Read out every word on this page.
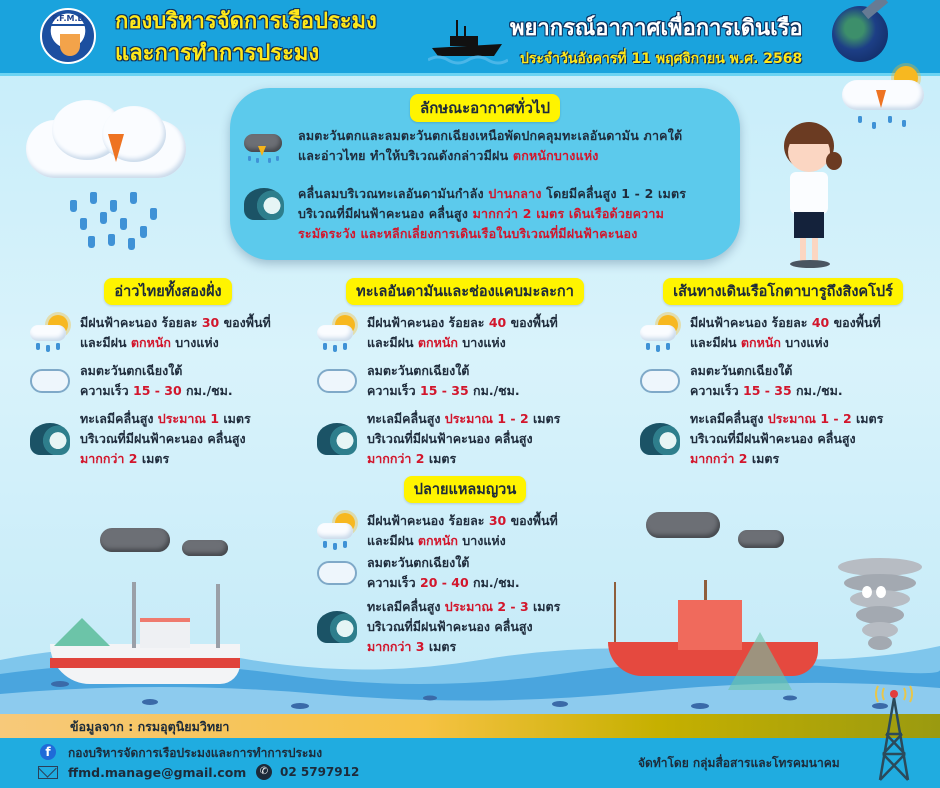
F.F.M.D	กองบริหารจัดการเรือประมง
และการทำการประมง
พยากรณ์อากาศเพื่อการเดินเรือ
ประจำวันอังคารที่ 11 พฤศจิกายน พ.ศ. 2568
ลักษณะอากาศทั่วไป
ลมตะวันตกและลมตะวันตกเฉียงเหนือพัดปกคลุมทะเลอันดามัน ภาคใต้
และอ่าวไทย ทำให้บริเวณดังกล่าวมีฝน ตกหนักบางแห่ง
คลื่นลมบริเวณทะเลอันดามันกำลัง ปานกลาง โดยมีคลื่นสูง 1 - 2 เมตร
บริเวณที่มีฝนฟ้าคะนอง คลื่นสูง มากกว่า 2 เมตร เดินเรือด้วยความ
ระมัดระวัง และหลีกเลี่ยงการเดินเรือในบริเวณที่มีฝนฟ้าคะนอง
อ่าวไทยทั้งสองฝั่ง
มีฝนฟ้าคะนอง ร้อยละ 30 ของพื้นที่
และมีฝน ตกหนัก บางแห่ง
ลมตะวันตกเฉียงใต้
ความเร็ว 15 - 30 กม./ชม.
ทะเลมีคลื่นสูง ประมาณ 1 เมตร
บริเวณที่มีฝนฟ้าคะนอง คลื่นสูง
มากกว่า 2 เมตร
ทะเลอันดามันและช่องแคบมะละกา
มีฝนฟ้าคะนอง ร้อยละ 40 ของพื้นที่
และมีฝน ตกหนัก บางแห่ง
ลมตะวันตกเฉียงใต้
ความเร็ว 15 - 35 กม./ชม.
ทะเลมีคลื่นสูง ประมาณ 1 - 2 เมตร
บริเวณที่มีฝนฟ้าคะนอง คลื่นสูง
มากกว่า 2 เมตร
เส้นทางเดินเรือโกตาบารูถึงสิงคโปร์
มีฝนฟ้าคะนอง ร้อยละ 40 ของพื้นที่
และมีฝน ตกหนัก บางแห่ง
ลมตะวันตกเฉียงใต้
ความเร็ว 15 - 35 กม./ชม.
ทะเลมีคลื่นสูง ประมาณ 1 - 2 เมตร
บริเวณที่มีฝนฟ้าคะนอง คลื่นสูง
มากกว่า 2 เมตร
ปลายแหลมญวน
มีฝนฟ้าคะนอง ร้อยละ 30 ของพื้นที่
และมีฝน ตกหนัก บางแห่ง
ลมตะวันตกเฉียงใต้
ความเร็ว 20 - 40 กม./ชม.
ทะเลมีคลื่นสูง ประมาณ 2 - 3 เมตร
บริเวณที่มีฝนฟ้าคะนอง คลื่นสูง
มากกว่า 3 เมตร
ข้อมูลจาก : กรมอุตุนิยมวิทยา
f	กองบริหารจัดการเรือประมงและการทำการประมง
ffmd.manage@gmail.com	✆ 02 5797912
จัดทำโดย กลุ่มสื่อสารและโทรคมนาคม
